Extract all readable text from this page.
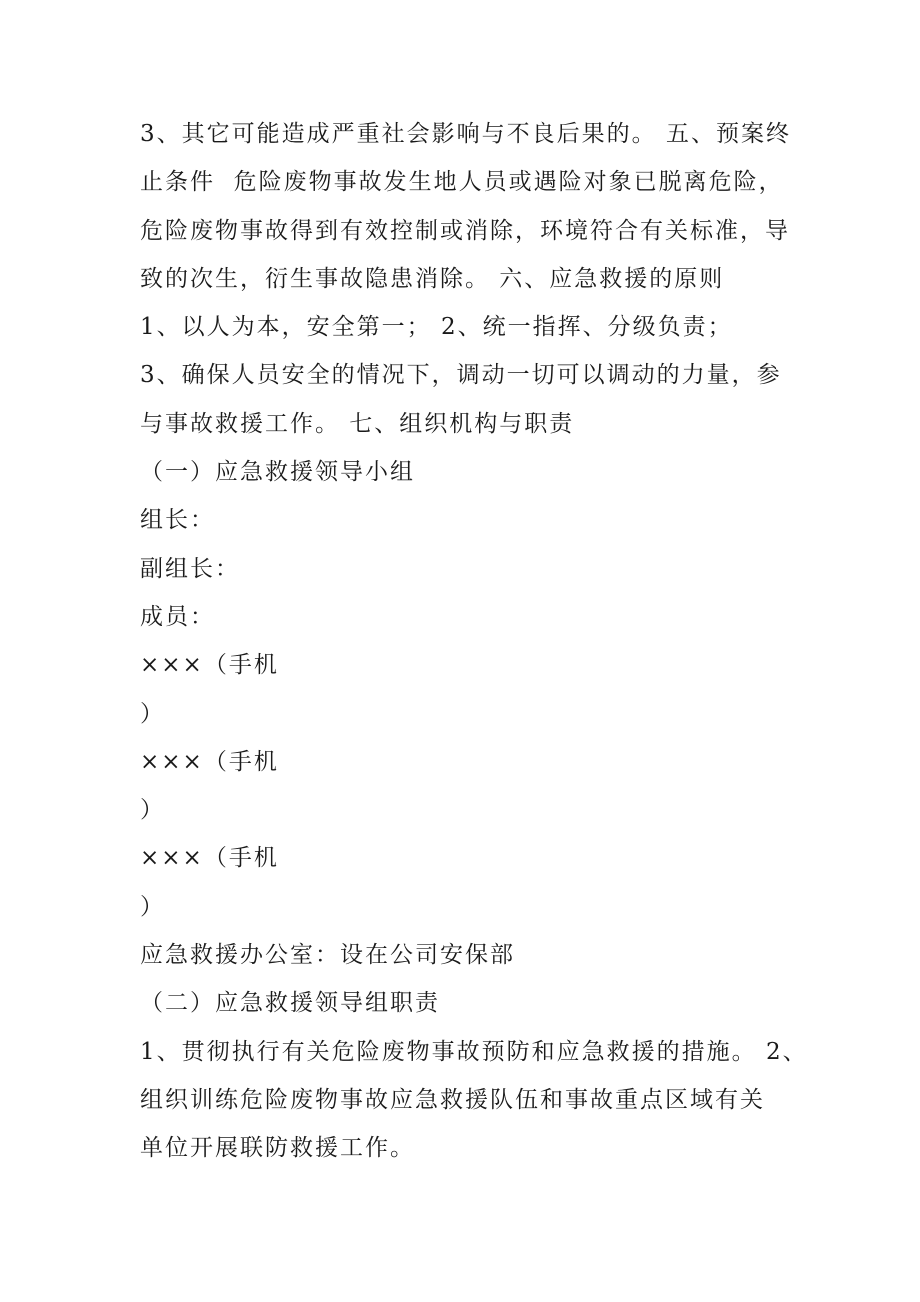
3、其它可能造成严重社会影响与不良后果的。 五、预案终
止条件  危险废物事故发生地人员或遇险对象已脱离危险，
危险废物事故得到有效控制或消除，环境符合有关标准，导
致的次生，衍生事故隐患消除。 六、应急救援的原则
1、以人为本，安全第一； 2、统一指挥、分级负责；
3、确保人员安全的情况下，调动一切可以调动的力量，参
与事故救援工作。 七、组织机构与职责
（一）应急救援领导小组
组长：
副组长：
成员：
×××（手机
）
×××（手机
）
×××（手机
）
应急救援办公室：设在公司安保部
（二）应急救援领导组职责
1、贯彻执行有关危险废物事故预防和应急救援的措施。 2、
组织训练危险废物事故应急救援队伍和事故重点区域有关
单位开展联防救援工作。
